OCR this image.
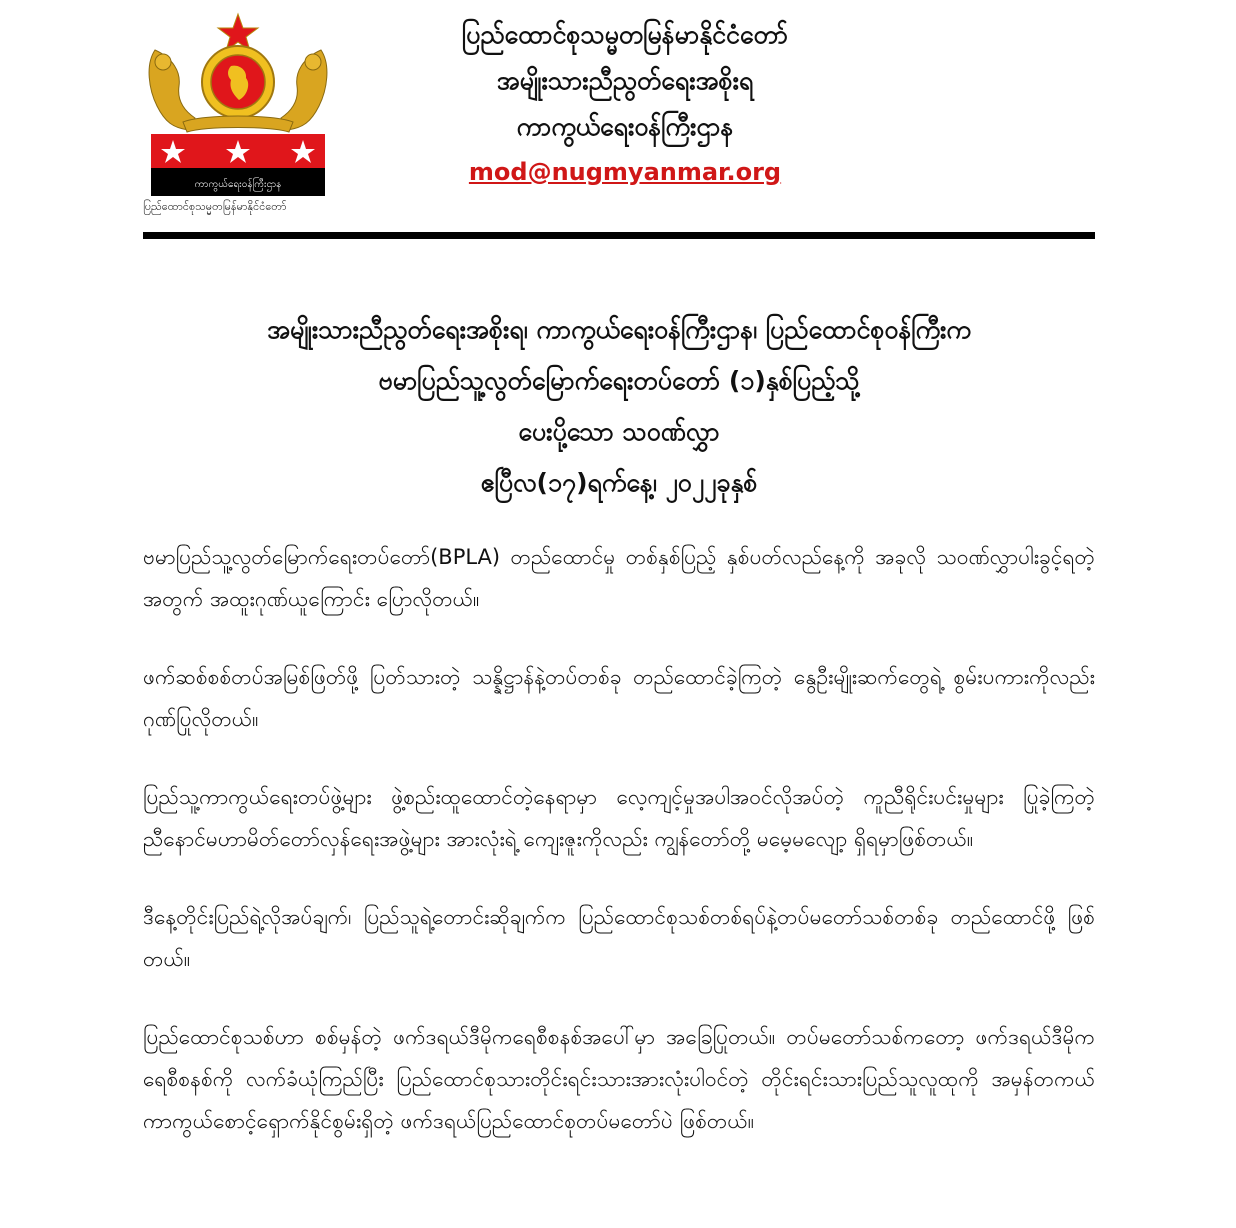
ကာကွယ်ရေးဝန်ကြီးဌာန
ပြည်ထောင်စုသမ္မတမြန်မာနိုင်ငံတော်
ပြည်ထောင်စုသမ္မတမြန်မာနိုင်ငံတော်
အမျိုးသားညီညွတ်ရေးအစိုးရ
ကာကွယ်ရေးဝန်ကြီးဌာန
mod@nugmyanmar.org
အမျိုးသားညီညွတ်ရေးအစိုးရ၊ ကာကွယ်ရေးဝန်ကြီးဌာန၊ ပြည်ထောင်စုဝန်ကြီးက
ဗမာပြည်သူ့လွတ်မြောက်ရေးတပ်တော် (၁)နှစ်ပြည့်သို့
ပေးပို့သော သဝဏ်လွှာ
ဧပြီလ(၁၇)ရက်နေ့၊ ၂၀၂၂ခုနှစ်

ဗမာပြည်သူ့လွတ်မြောက်ရေးတပ်တော်(BPLA) တည်ထောင်မှု တစ်နှစ်ပြည့် နှစ်ပတ်လည်နေ့ကို အခုလို သဝဏ်လွှာပါးခွင့်ရတဲ့အတွက် အထူးဂုဏ်ယူကြောင်း ပြောလိုတယ်။

ဖက်ဆစ်စစ်တပ်အမြစ်ဖြတ်ဖို့ ပြတ်သားတဲ့ သန္နိဋ္ဌာန်နဲ့တပ်တစ်ခု တည်ထောင်ခဲ့ကြတဲ့ နွေဦးမျိုးဆက်တွေရဲ့ စွမ်းပကားကိုလည်း ဂုဏ်ပြုလိုတယ်။

ပြည်သူ့ကာကွယ်ရေးတပ်ဖွဲ့များ ဖွဲ့စည်းထူထောင်တဲ့နေရာမှာ လေ့ကျင့်မှုအပါအဝင်လိုအပ်တဲ့ ကူညီရိုင်းပင်းမှုများ ပြုခဲ့ကြတဲ့ ညီနောင်မဟာမိတ်တော်လှန်ရေးအဖွဲ့များ အားလုံးရဲ့ ကျေးဇူးကိုလည်း ကျွန်တော်တို့ မမေ့မလျော့ ရှိရမှာဖြစ်တယ်။

ဒီနေ့တိုင်းပြည်ရဲ့လိုအပ်ချက်၊ ပြည်သူရဲ့တောင်းဆိုချက်က ပြည်ထောင်စုသစ်တစ်ရပ်နဲ့တပ်မတော်သစ်တစ်ခု တည်ထောင်ဖို့ ဖြစ်တယ်။

ပြည်ထောင်စုသစ်ဟာ စစ်မှန်တဲ့ ဖက်ဒရယ်ဒီမိုကရေစီစနစ်အပေါ်မှာ အခြေပြုတယ်။ တပ်မတော်သစ်ကတော့ ဖက်ဒရယ်ဒီမိုကရေစီစနစ်ကို လက်ခံယုံကြည်ပြီး ပြည်ထောင်စုသားတိုင်းရင်းသားအားလုံးပါဝင်တဲ့ တိုင်းရင်းသားပြည်သူလူထုကို အမှန်တကယ်ကာကွယ်စောင့်ရှောက်နိုင်စွမ်းရှိတဲ့ ဖက်ဒရယ်ပြည်ထောင်စုတပ်မတော်ပဲ ဖြစ်တယ်။
